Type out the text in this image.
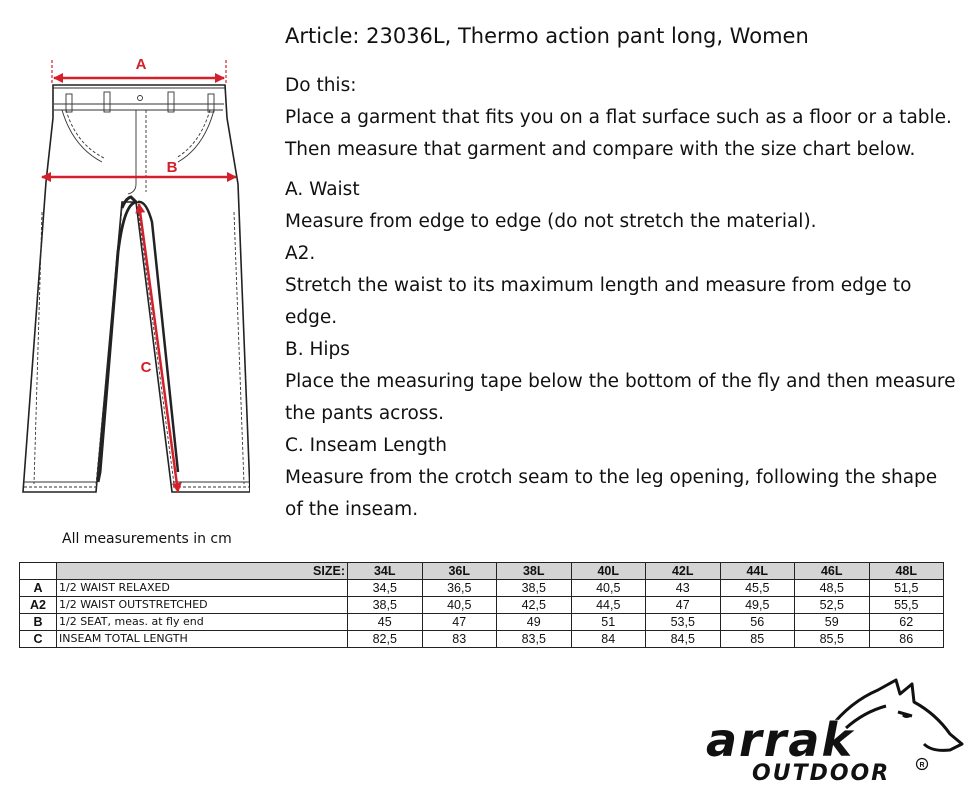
A
B
C
Article: 23036L, Thermo action pant long, Women
Do this:
Place a garment that fits you on a flat surface such as a floor or a table.
Then measure that garment and compare with the size chart below.
A. Waist
Measure from edge to edge (do not stretch the material).
A2.
Stretch the waist to its maximum length and measure from edge to
edge.
B. Hips
Place the measuring tape below the bottom of the fly and then measure
the pants across.
C. Inseam Length
Measure from the crotch seam to the leg opening, following the shape
of the inseam.
All measurements in cm
	SIZE:	34L	36L	38L	40L	42L	44L	46L	48L
A	1/2 WAIST RELAXED	34,5	36,5	38,5	40,5	43	45,5	48,5	51,5
A2	1/2 WAIST OUTSTRETCHED	38,5	40,5	42,5	44,5	47	49,5	52,5	55,5
B	1/2 SEAT, meas. at fly end	45	47	49	51	53,5	56	59	62
C	INSEAM TOTAL LENGTH	82,5	83	83,5	84	84,5	85	85,5	86
arrak
OUTDOOR	R
